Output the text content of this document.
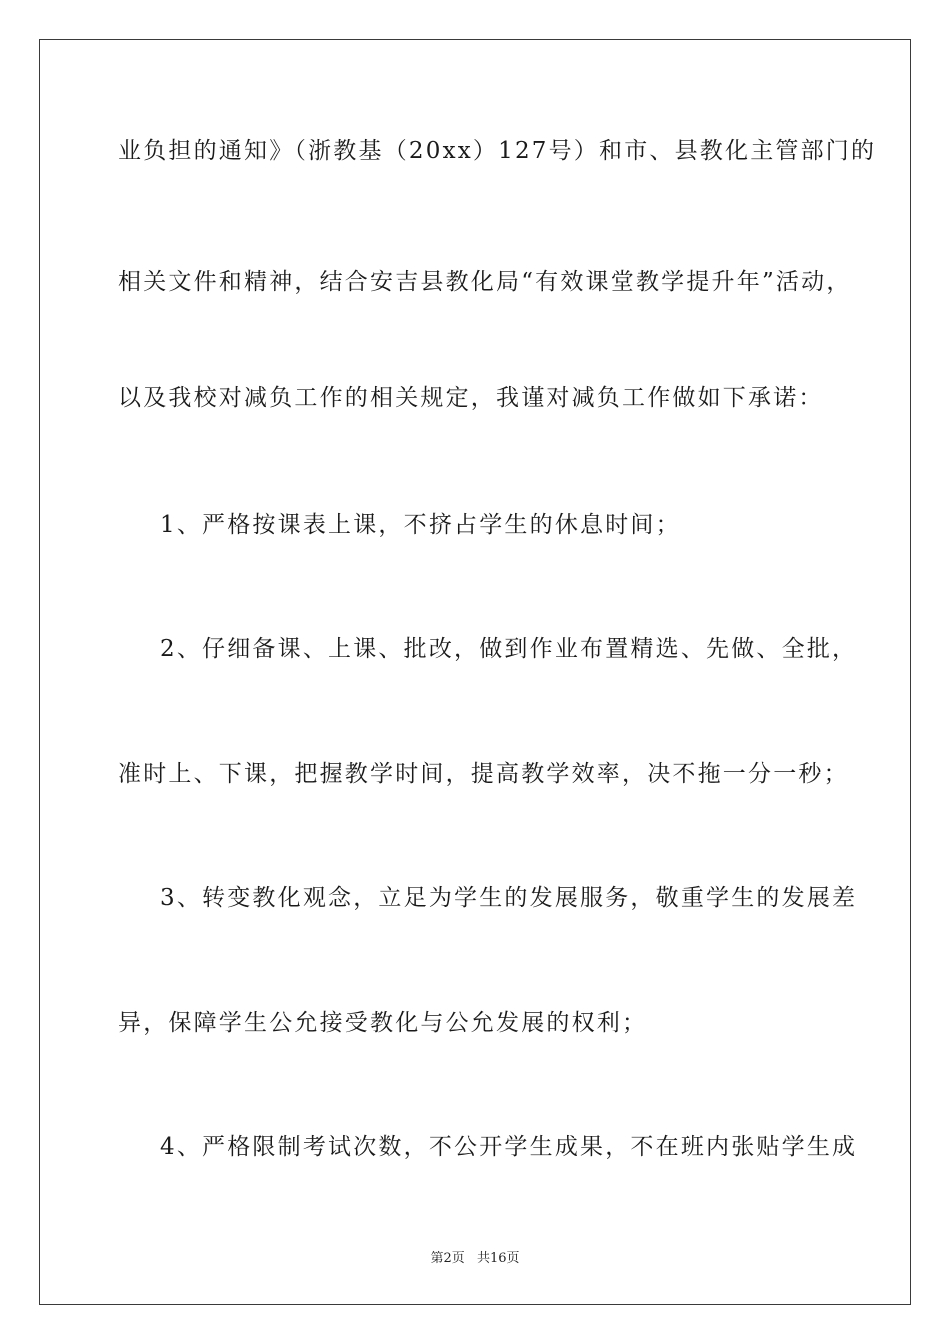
业负担的通知》（浙教基（20xx）127号）和市、县教化主管部门的
相关文件和精神，结合安吉县教化局“有效课堂教学提升年”活动，
以及我校对减负工作的相关规定，我谨对减负工作做如下承诺：
1、严格按课表上课，不挤占学生的休息时间；
2、仔细备课、上课、批改，做到作业布置精选、先做、全批，
准时上、下课，把握教学时间，提高教学效率，决不拖一分一秒；
3、转变教化观念，立足为学生的发展服务，敬重学生的发展差
异，保障学生公允接受教化与公允发展的权利；
4、严格限制考试次数，不公开学生成果，不在班内张贴学生成
第2页 共16页
